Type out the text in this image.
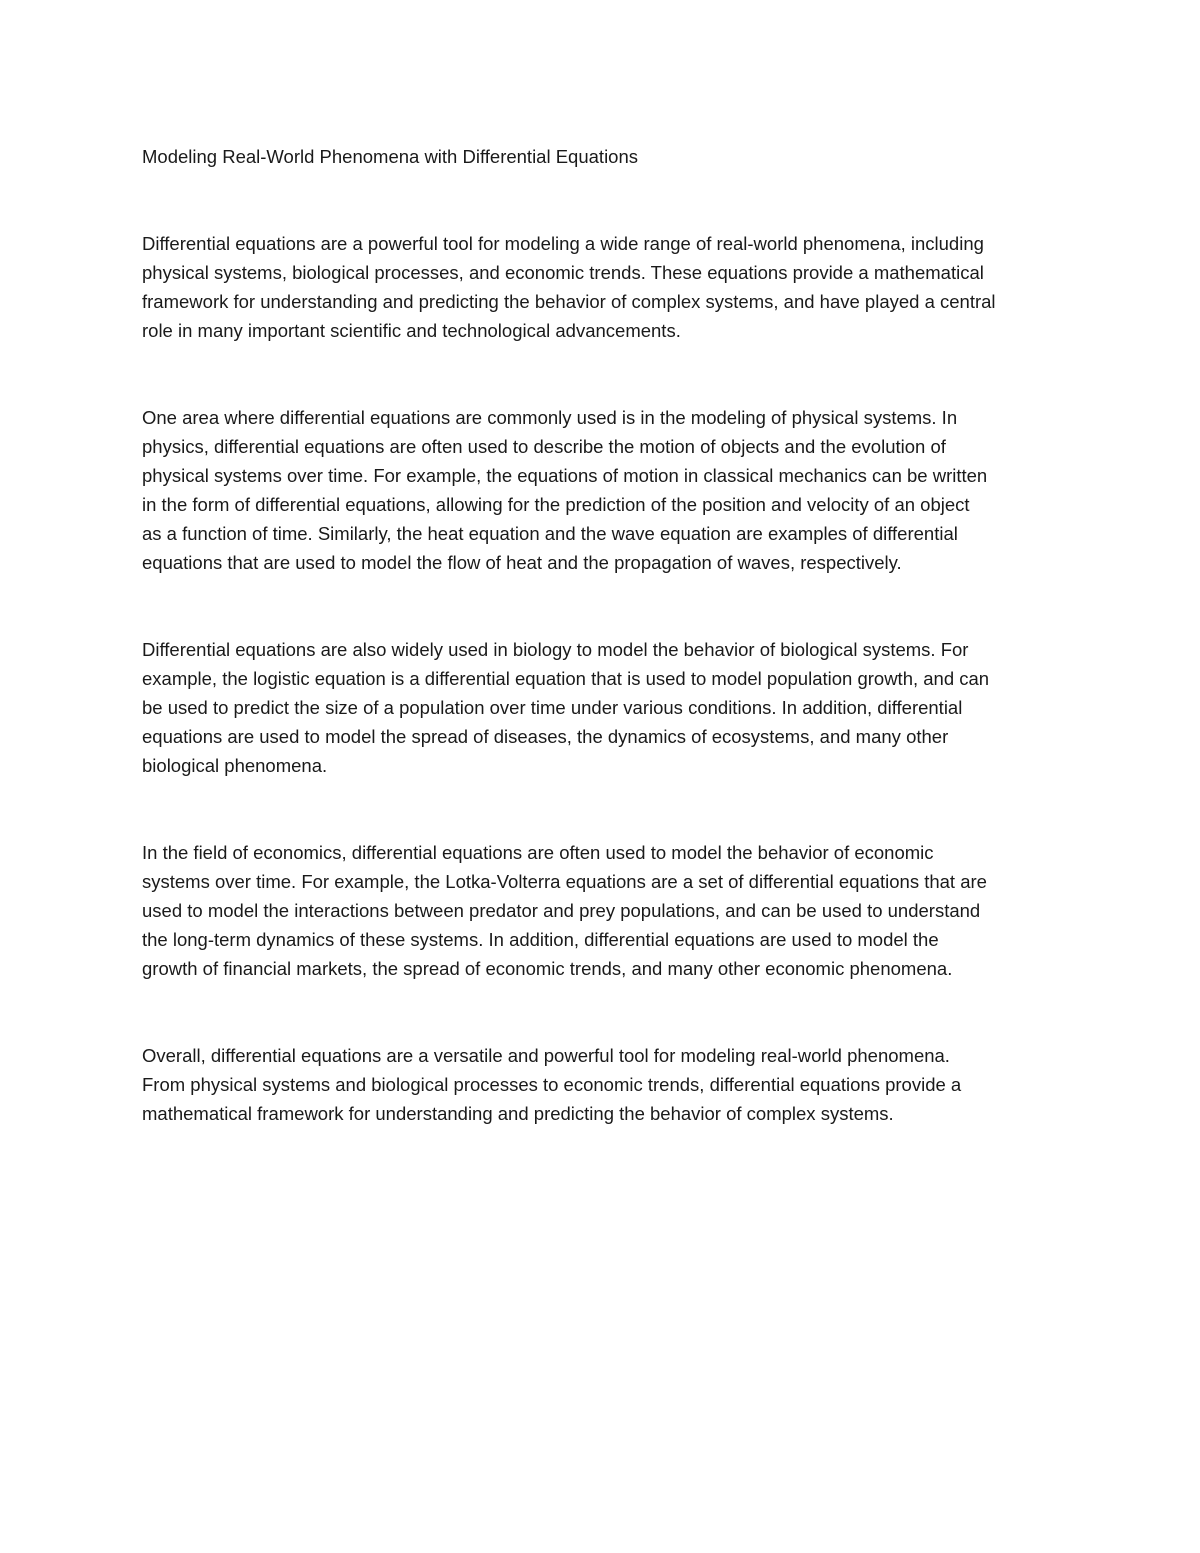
Modeling Real-World Phenomena with Differential Equations
Differential equations are a powerful tool for modeling a wide range of real-world phenomena, including
physical systems, biological processes, and economic trends. These equations provide a mathematical
framework for understanding and predicting the behavior of complex systems, and have played a central
role in many important scientific and technological advancements.
One area where differential equations are commonly used is in the modeling of physical systems. In
physics, differential equations are often used to describe the motion of objects and the evolution of
physical systems over time. For example, the equations of motion in classical mechanics can be written
in the form of differential equations, allowing for the prediction of the position and velocity of an object
as a function of time. Similarly, the heat equation and the wave equation are examples of differential
equations that are used to model the flow of heat and the propagation of waves, respectively.
Differential equations are also widely used in biology to model the behavior of biological systems. For
example, the logistic equation is a differential equation that is used to model population growth, and can
be used to predict the size of a population over time under various conditions. In addition, differential
equations are used to model the spread of diseases, the dynamics of ecosystems, and many other
biological phenomena.
In the field of economics, differential equations are often used to model the behavior of economic
systems over time. For example, the Lotka-Volterra equations are a set of differential equations that are
used to model the interactions between predator and prey populations, and can be used to understand
the long-term dynamics of these systems. In addition, differential equations are used to model the
growth of financial markets, the spread of economic trends, and many other economic phenomena.
Overall, differential equations are a versatile and powerful tool for modeling real-world phenomena.
From physical systems and biological processes to economic trends, differential equations provide a
mathematical framework for understanding and predicting the behavior of complex systems.
